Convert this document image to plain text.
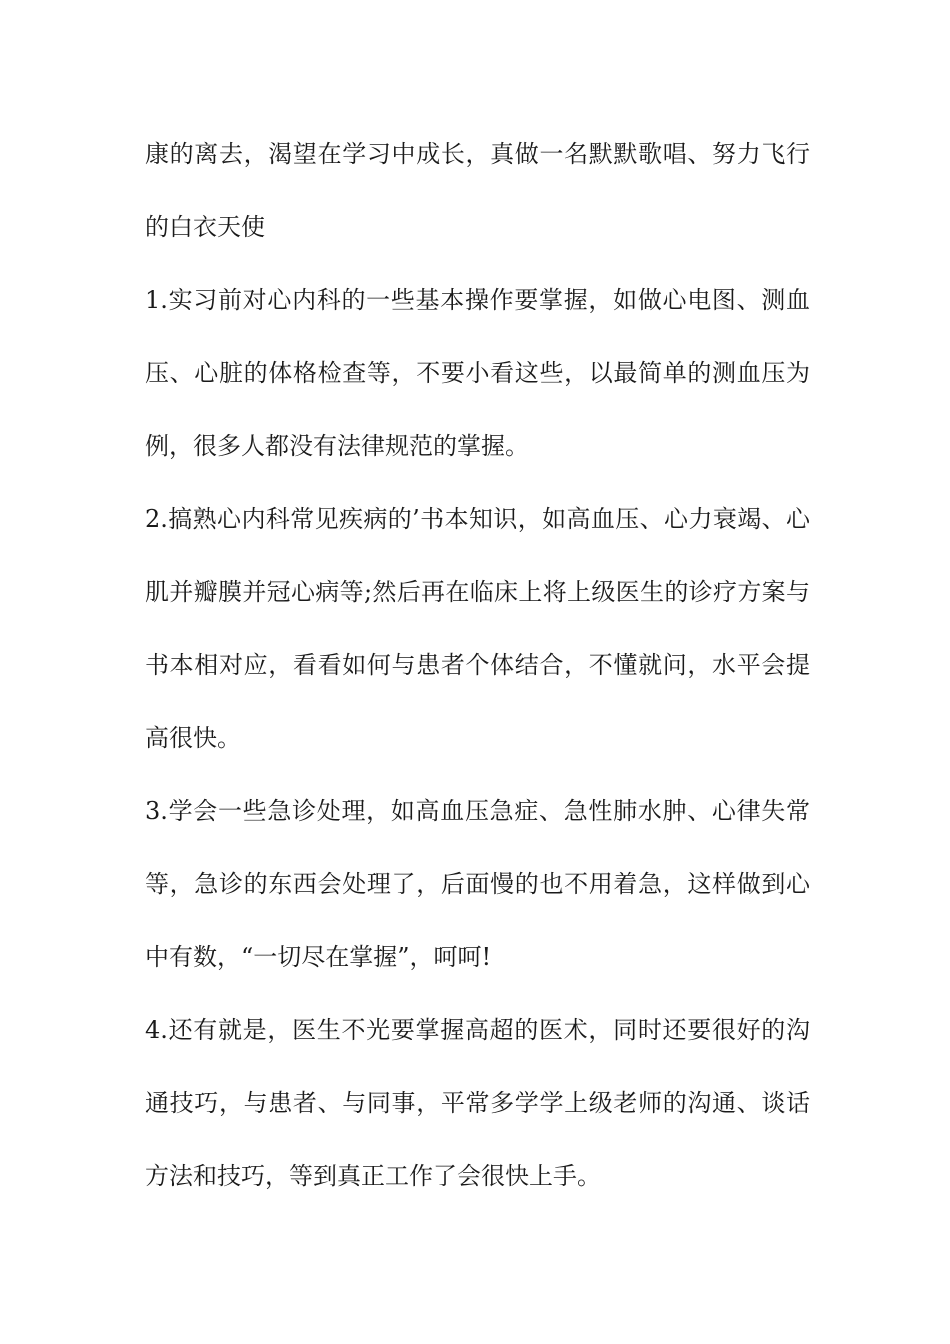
康的离去，渴望在学习中成长，真做一名默默歌唱、努力飞行
的白衣天使
1.实习前对心内科的一些基本操作要掌握，如做心电图、测血
压、心脏的体格检查等，不要小看这些，以最简单的测血压为
例，很多人都没有法律规范的掌握。
2.搞熟心内科常见疾病的’书本知识，如高血压、心力衰竭、心
肌并瓣膜并冠心病等;然后再在临床上将上级医生的诊疗方案与
书本相对应，看看如何与患者个体结合，不懂就问，水平会提
高很快。
3.学会一些急诊处理，如高血压急症、急性肺水肿、心律失常
等，急诊的东西会处理了，后面慢的也不用着急，这样做到心
中有数，“一切尽在掌握”，呵呵!
4.还有就是，医生不光要掌握高超的医术，同时还要很好的沟
通技巧，与患者、与同事，平常多学学上级老师的沟通、谈话
方法和技巧，等到真正工作了会很快上手。
